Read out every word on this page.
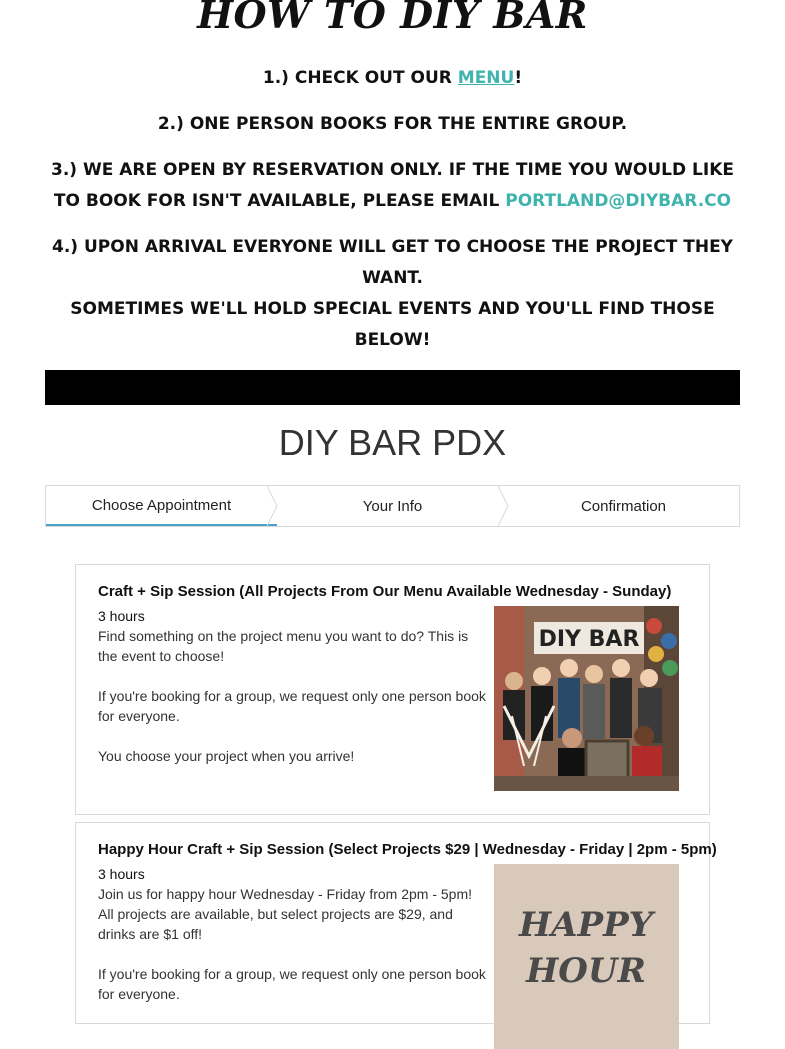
HOW TO DIY BAR
1.) CHECK OUT OUR MENU!
2.) ONE PERSON BOOKS FOR THE ENTIRE GROUP.
3.) WE ARE OPEN BY RESERVATION ONLY. IF THE TIME YOU WOULD LIKE TO BOOK FOR ISN'T AVAILABLE, PLEASE EMAIL PORTLAND@DIYBAR.CO
4.) UPON ARRIVAL EVERYONE WILL GET TO CHOOSE THE PROJECT THEY WANT.
SOMETIMES WE'LL HOLD SPECIAL EVENTS AND YOU'LL FIND THOSE BELOW!
DIY BAR PDX
Choose Appointment	Your Info	Confirmation
Craft + Sip Session (All Projects From Our Menu Available Wednesday - Sunday)
3 hours

Find something on the project menu you want to do? This is the event to choose!

If you're booking for a group, we request only one person book for everyone.

You choose your project when you arrive!

DIY BAR
Happy Hour Craft + Sip Session (Select Projects $29 | Wednesday - Friday | 2pm - 5pm)
3 hours

Join us for happy hour Wednesday - Friday from 2pm - 5pm! All projects are available, but select projects are $29, and drinks are $1 off!

If you're booking for a group, we request only one person book for everyone.

HAPPY
HOUR
